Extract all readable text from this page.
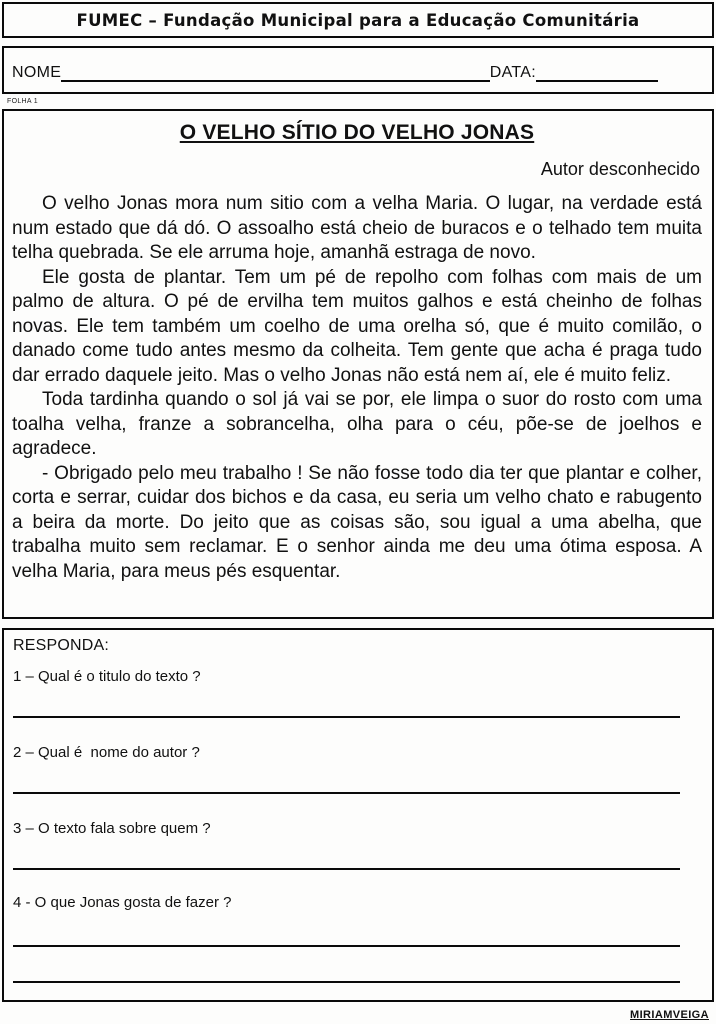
FUMEC – Fundação Municipal para a Educação Comunitária
NOME	DATA:
FOLHA 1
O VELHO SÍTIO DO VELHO JONAS
Autor desconhecido

O velho Jonas mora num sitio com a velha Maria. O lugar, na verdade está num estado que dá dó. O assoalho está cheio de buracos e o telhado tem muita telha quebrada. Se ele arruma hoje, amanhã estraga de novo.

Ele gosta de plantar. Tem um pé de repolho com folhas com mais de um palmo de altura. O pé de ervilha tem muitos galhos e está cheinho de folhas novas. Ele tem também um coelho de uma orelha só, que é muito comilão, o danado come tudo antes mesmo da colheita. Tem gente que acha é praga tudo dar errado daquele jeito. Mas o velho Jonas não está nem aí, ele é muito feliz.

Toda tardinha quando o sol já vai se por, ele limpa o suor do rosto com uma toalha velha, franze a sobrancelha, olha para o céu, põe-se de joelhos e agradece.

- Obrigado pelo meu trabalho ! Se não fosse todo dia ter que plantar e colher, corta e serrar, cuidar dos bichos e da casa, eu seria um velho chato e rabugento a beira da morte. Do jeito que as coisas são, sou igual a uma abelha, que trabalha muito sem reclamar. E o senhor ainda me deu uma ótima esposa. A velha Maria, para meus pés esquentar.

RESPONDA:
1 – Qual é o titulo do texto ?
2 – Qual é  nome do autor ?
3 – O texto fala sobre quem ?
4 - O que Jonas gosta de fazer ?
MIRIAMVEIGA
